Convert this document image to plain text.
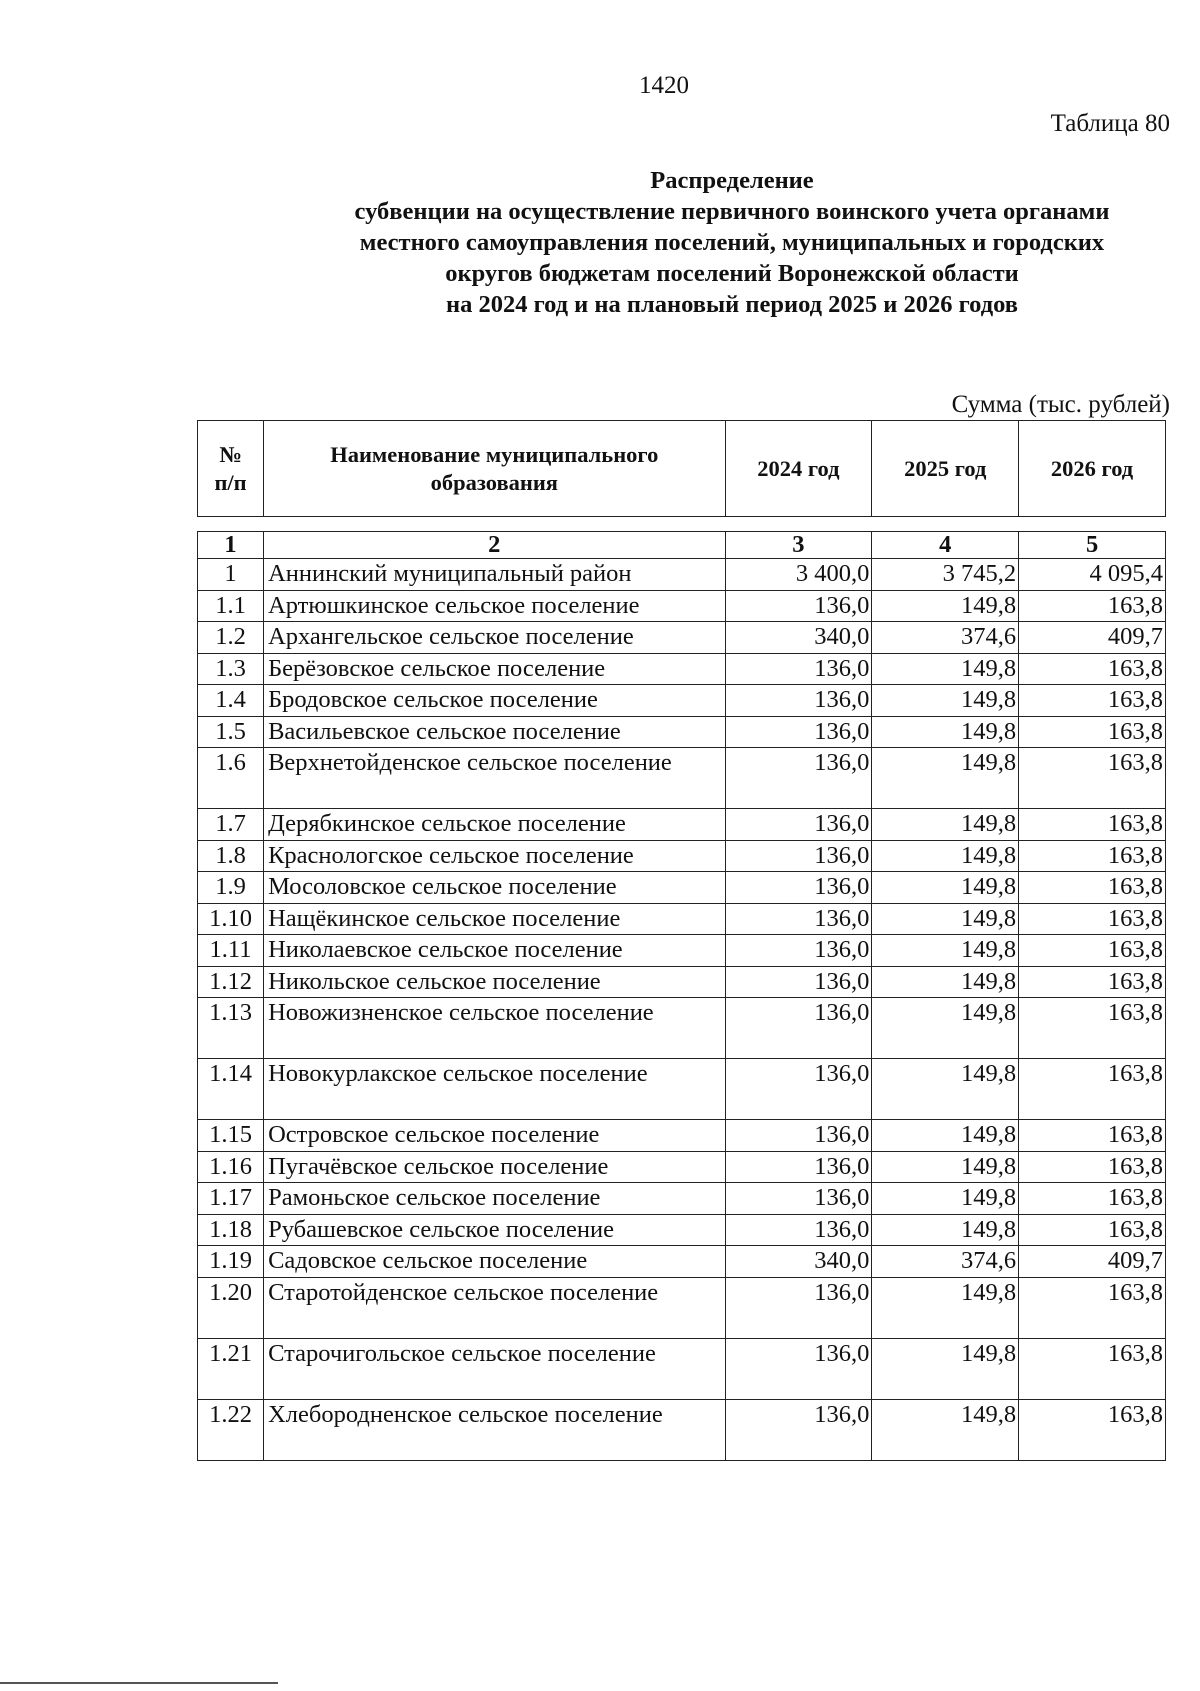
1420
Таблица 80
Распределение
субвенции на осуществление первичного воинского учета органами
местного самоуправления поселений, муниципальных и городских
округов бюджетам поселений Воронежской области
на 2024 год и на плановый период 2025 и 2026 годов
Сумма (тыс. рублей)
№
п/п

Наименование муниципального
образования
	2024 год	2025 год	2026 год
1	2	3	4	5
1	Аннинский муниципальный район	3 400,0	3 745,2	4 095,4
1.1	Артюшкинское сельское поселение	136,0	149,8	163,8
1.2	Архангельское сельское поселение	340,0	374,6	409,7
1.3	Берёзовское сельское поселение	136,0	149,8	163,8
1.4	Бродовское сельское поселение	136,0	149,8	163,8
1.5	Васильевское сельское поселение	136,0	149,8	163,8
1.6	Верхнетойденское сельское поселение	136,0	149,8	163,8
1.7	Дерябкинское сельское поселение	136,0	149,8	163,8
1.8	Краснологское сельское поселение	136,0	149,8	163,8
1.9	Мосоловское сельское поселение	136,0	149,8	163,8
1.10	Нащёкинское сельское поселение	136,0	149,8	163,8
1.11	Николаевское сельское поселение	136,0	149,8	163,8
1.12	Никольское сельское поселение	136,0	149,8	163,8
1.13	Новожизненское сельское поселение	136,0	149,8	163,8
1.14	Новокурлакское сельское поселение	136,0	149,8	163,8
1.15	Островское сельское поселение	136,0	149,8	163,8
1.16	Пугачёвское сельское поселение	136,0	149,8	163,8
1.17	Рамоньское сельское поселение	136,0	149,8	163,8
1.18	Рубашевское сельское поселение	136,0	149,8	163,8
1.19	Садовское сельское поселение	340,0	374,6	409,7
1.20	Старотойденское сельское поселение	136,0	149,8	163,8
1.21	Старочигольское сельское поселение	136,0	149,8	163,8
1.22	Хлебородненское сельское поселение	136,0	149,8	163,8
